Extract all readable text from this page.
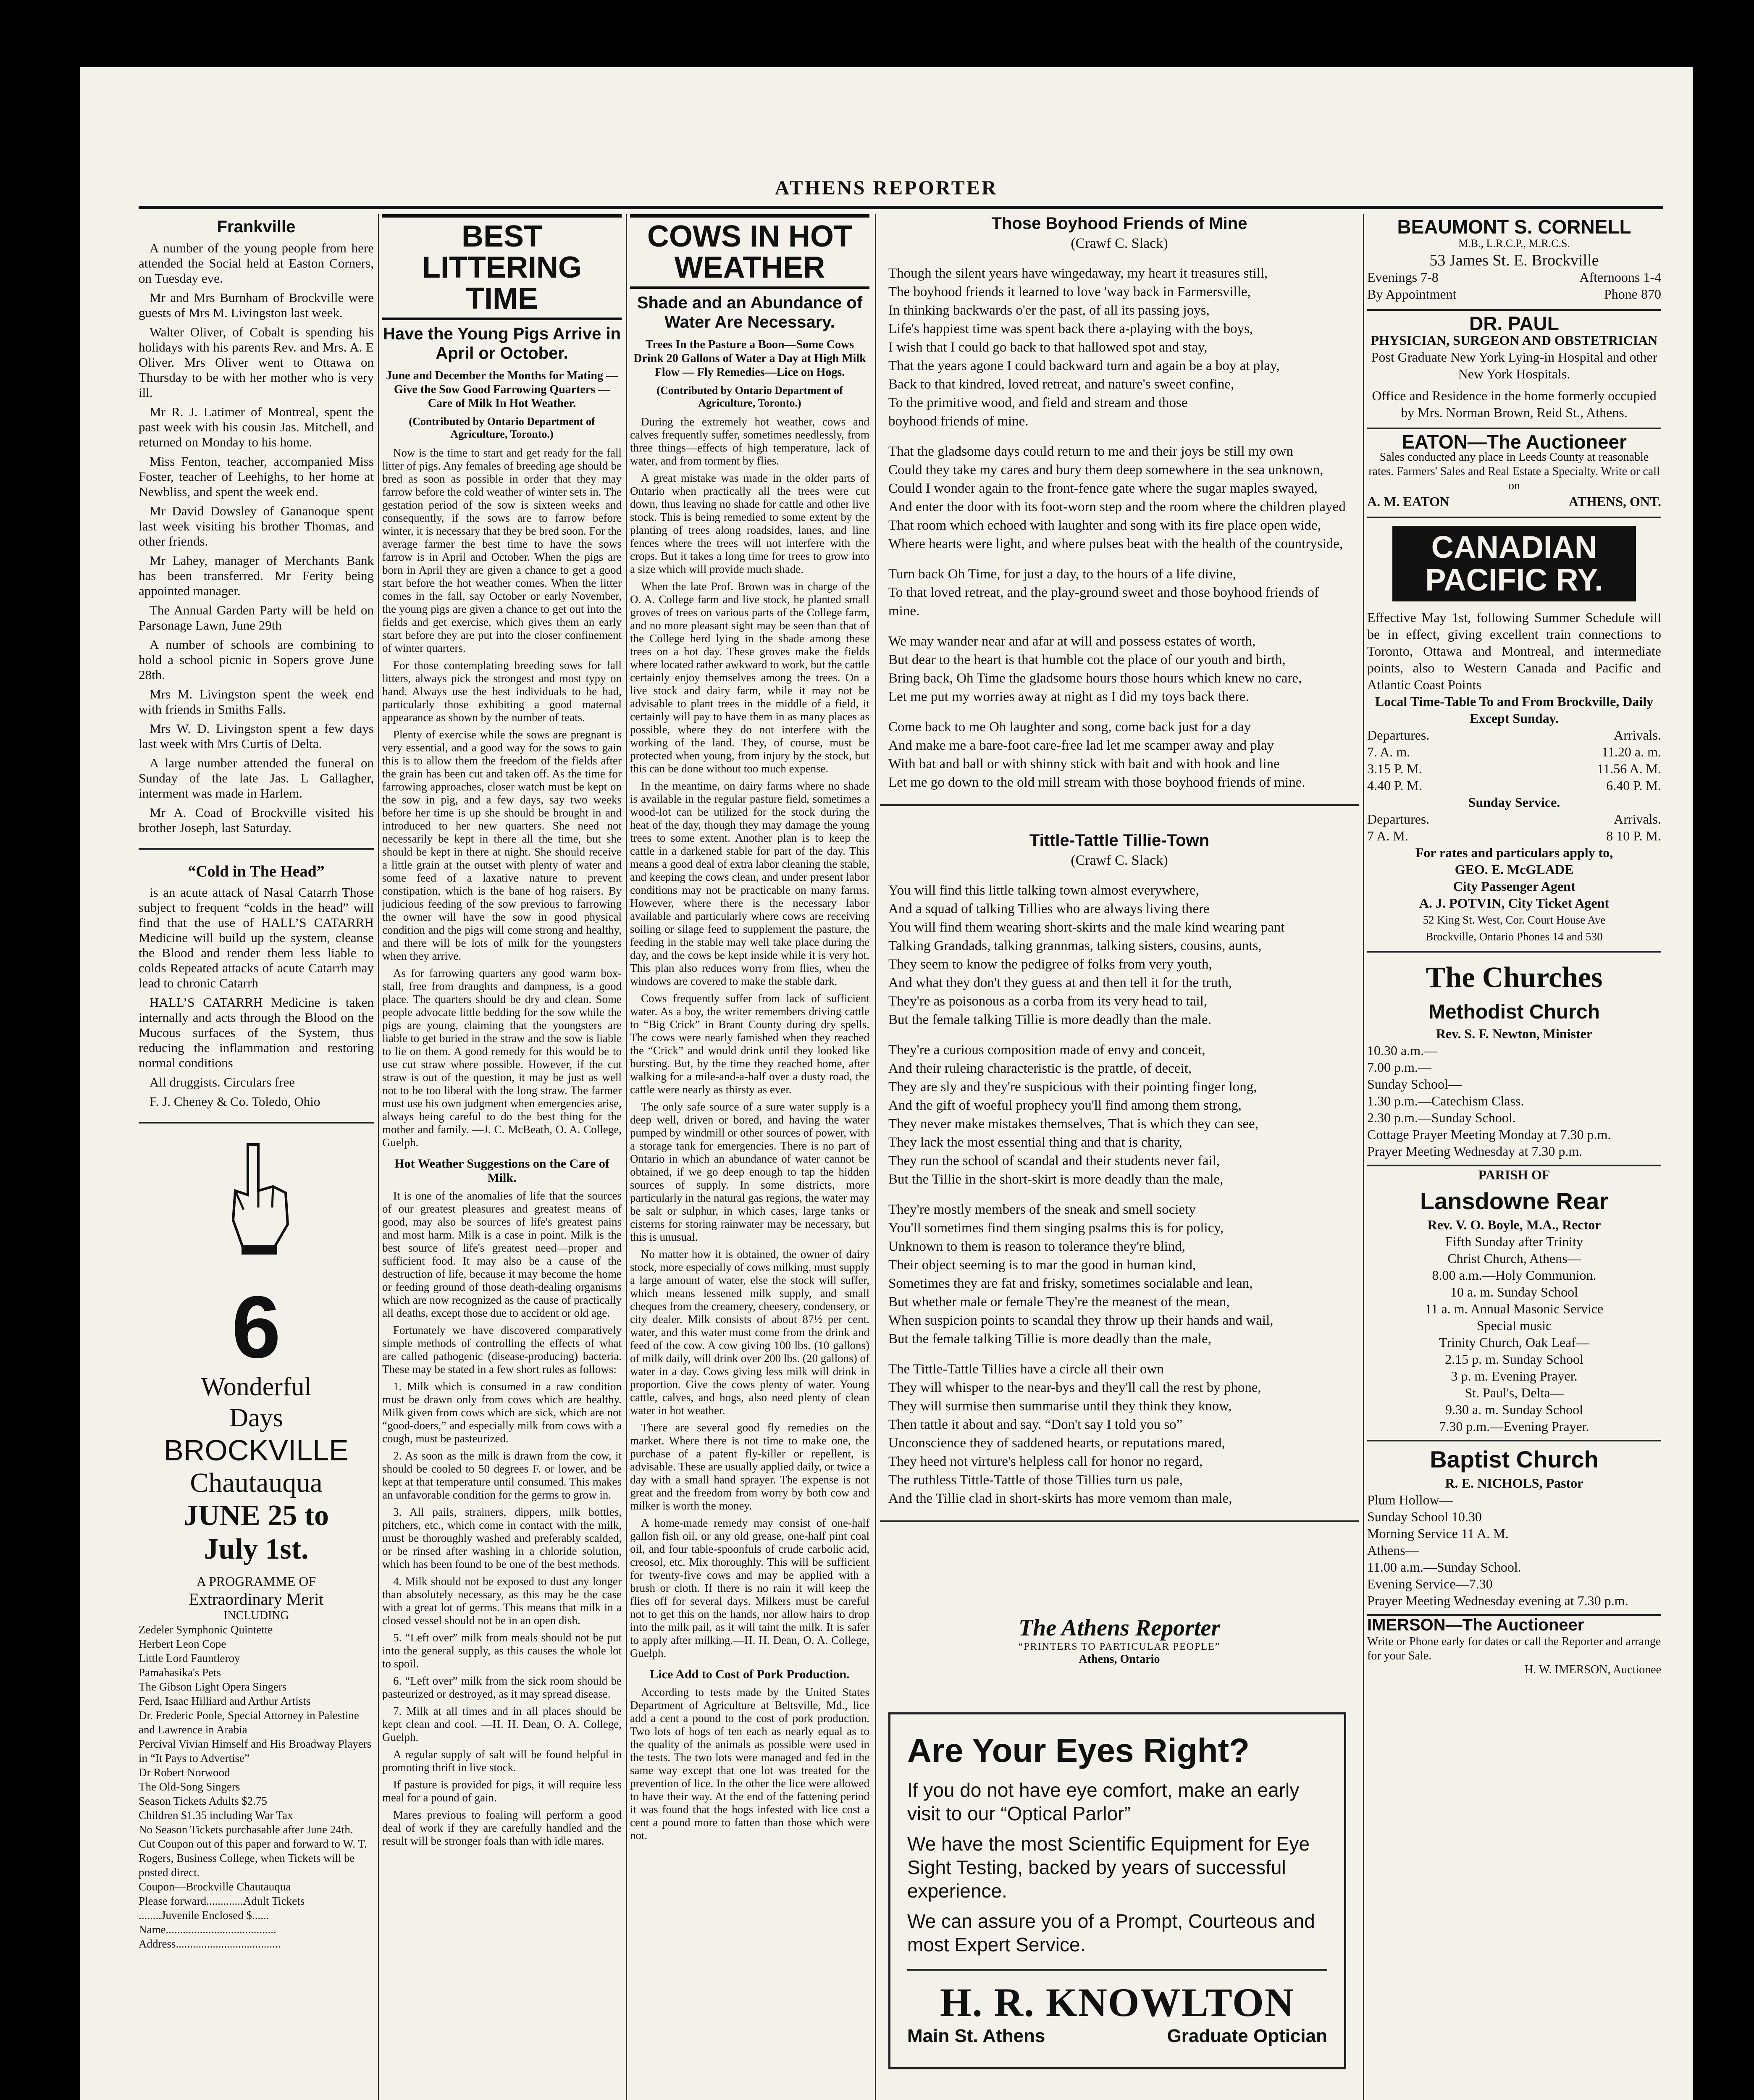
ATHENS REPORTER
Frankville

A number of the young people from here attended the Social held at Easton Corners, on Tuesday eve.

Mr and Mrs Burnham of Brockville were guests of Mrs M. Livingston last week.

Walter Oliver, of Cobalt is spending his holidays with his parents Rev. and Mrs. A. E Oliver. Mrs Oliver went to Ottawa on Thursday to be with her mother who is very ill.

Mr R. J. Latimer of Montreal, spent the past week with his cousin Jas. Mitchell, and returned on Monday to his home.

Miss Fenton, teacher, accompanied Miss Foster, teacher of Leehighs, to her home at Newbliss, and spent the week end.

Mr David Dowsley of Gananoque spent last week visiting his brother Thomas, and other friends.

Mr Lahey, manager of Merchants Bank has been transferred. Mr Ferity being appointed manager.

The Annual Garden Party will be held on Parsonage Lawn, June 29th

A number of schools are combining to hold a school picnic in Sopers grove June 28th.

Mrs M. Livingston spent the week end with friends in Smiths Falls.

Mrs W. D. Livingston spent a few days last week with Mrs Curtis of Delta.

A large number attended the funeral on Sunday of the late Jas. L Gallagher, interment was made in Harlem.

Mr A. Coad of Brockville visited his brother Joseph, last Saturday.

“Cold in The Head”

is an acute attack of Nasal Catarrh Those subject to frequent “colds in the head” will find that the use of HALL’S CATARRH Medicine will build up the system, cleanse the Blood and render them less liable to colds Repeated attacks of acute Catarrh may lead to chronic Catarrh

HALL’S CATARRH Medicine is taken internally and acts through the Blood on the Mucous surfaces of the System, thus reducing the inflammation and restoring normal conditions

All druggists. Circulars free

F. J. Cheney & Co. Toledo, Ohio

6
Wonderful
Days
BROCKVILLE
Chautauqua
JUNE 25 to
July 1st.
A PROGRAMME OF
Extraordinary Merit
INCLUDING
Zedeler Symphonic Quintette
Herbert Leon Cope
Little Lord Fauntleroy
Pamahasika's Pets
The Gibson Light Opera Singers
Ferd, Isaac Hilliard and Arthur Artists
Dr. Frederic Poole, Special Attorney in Palestine and Lawrence in Arabia
Percival Vivian Himself and His Broadway Players in “It Pays to Advertise”
Dr Robert Norwood
The Old-Song Singers
Season Tickets Adults $2.75
Children $1.35 including War Tax
No Season Tickets purchasable after June 24th.
Cut Coupon out of this paper and forward to W. T. Rogers, Business College, when Tickets will be posted direct.
Coupon—Brockville Chautauqua
Please forward.............Adult Tickets
........Juvenile Enclosed $......
Name.......................................
Address.....................................
BEST LITTERING TIME
Have the Young Pigs Arrive in April or October.
June and December the Months for Mating — Give the Sow Good Farrowing Quarters — Care of Milk In Hot Weather.
(Contributed by Ontario Department of Agriculture, Toronto.)

Now is the time to start and get ready for the fall litter of pigs. Any females of breeding age should be bred as soon as possible in order that they may farrow before the cold weather of winter sets in. The gestation period of the sow is sixteen weeks and consequently, if the sows are to farrow before winter, it is necessary that they be bred soon. For the average farmer the best time to have the sows farrow is in April and October. When the pigs are born in April they are given a chance to get a good start before the hot weather comes. When the litter comes in the fall, say October or early November, the young pigs are given a chance to get out into the fields and get exercise, which gives them an early start before they are put into the closer confinement of winter quarters.

For those contemplating breeding sows for fall litters, always pick the strongest and most typy on hand. Always use the best individuals to be had, particularly those exhibiting a good maternal appearance as shown by the number of teats.

Plenty of exercise while the sows are pregnant is very essential, and a good way for the sows to gain this is to allow them the freedom of the fields after the grain has been cut and taken off. As the time for farrowing approaches, closer watch must be kept on the sow in pig, and a few days, say two weeks before her time is up she should be brought in and introduced to her new quarters. She need not necessarily be kept in there all the time, but she should be kept in there at night. She should receive a little grain at the outset with plenty of water and some feed of a laxative nature to prevent constipation, which is the bane of hog raisers. By judicious feeding of the sow previous to farrowing the owner will have the sow in good physical condition and the pigs will come strong and healthy, and there will be lots of milk for the youngsters when they arrive.

As for farrowing quarters any good warm box-stall, free from draughts and dampness, is a good place. The quarters should be dry and clean. Some people advocate little bedding for the sow while the pigs are young, claiming that the youngsters are liable to get buried in the straw and the sow is liable to lie on them. A good remedy for this would be to use cut straw where possible. However, if the cut straw is out of the question, it may be just as well not to be too liberal with the long straw. The farmer must use his own judgment when emergencies arise, always being careful to do the best thing for the mother and family. —J. C. McBeath, O. A. College, Guelph.

Hot Weather Suggestions on the Care of Milk.

It is one of the anomalies of life that the sources of our greatest pleasures and greatest means of good, may also be sources of life's greatest pains and most harm. Milk is a case in point. Milk is the best source of life's greatest need—proper and sufficient food. It may also be a cause of the destruction of life, because it may become the home or feeding ground of those death-dealing organisms which are now recognized as the cause of practically all deaths, except those due to accident or old age.

Fortunately we have discovered comparatively simple methods of controlling the effects of what are called pathogenic (disease-producing) bacteria. These may be stated in a few short rules as follows:

1. Milk which is consumed in a raw condition must be drawn only from cows which are healthy. Milk given from cows which are sick, which are not “good-doers,” and especially milk from cows with a cough, must be pasteurized.

2. As soon as the milk is drawn from the cow, it should be cooled to 50 degrees F. or lower, and be kept at that temperature until consumed. This makes an unfavorable condition for the germs to grow in.

3. All pails, strainers, dippers, milk bottles, pitchers, etc., which come in contact with the milk, must be thoroughly washed and preferably scalded, or be rinsed after washing in a chloride solution, which has been found to be one of the best methods.

4. Milk should not be exposed to dust any longer than absolutely necessary, as this may be the case with a great lot of germs. This means that milk in a closed vessel should not be in an open dish.

5. “Left over” milk from meals should not be put into the general supply, as this causes the whole lot to spoil.

6. “Left over” milk from the sick room should be pasteurized or destroyed, as it may spread disease.

7. Milk at all times and in all places should be kept clean and cool. —H. H. Dean, O. A. College, Guelph.

A regular supply of salt will be found helpful in promoting thrift in live stock.

If pasture is provided for pigs, it will require less meal for a pound of gain.

Mares previous to foaling will perform a good deal of work if they are carefully handled and the result will be stronger foals than with idle mares.

COWS IN HOT WEATHER
Shade and an Abundance of Water Are Necessary.
Trees In the Pasture a Boon—Some Cows Drink 20 Gallons of Water a Day at High Milk Flow — Fly Remedies—Lice on Hogs.
(Contributed by Ontario Department of Agriculture, Toronto.)

During the extremely hot weather, cows and calves frequently suffer, sometimes needlessly, from three things—effects of high temperature, lack of water, and from torment by flies.

A great mistake was made in the older parts of Ontario when practically all the trees were cut down, thus leaving no shade for cattle and other live stock. This is being remedied to some extent by the planting of trees along roadsides, lanes, and line fences where the trees will not interfere with the crops. But it takes a long time for trees to grow into a size which will provide much shade.

When the late Prof. Brown was in charge of the O. A. College farm and live stock, he planted small groves of trees on various parts of the College farm, and no more pleasant sight may be seen than that of the College herd lying in the shade among these trees on a hot day. These groves make the fields where located rather awkward to work, but the cattle certainly enjoy themselves among the trees. On a live stock and dairy farm, while it may not be advisable to plant trees in the middle of a field, it certainly will pay to have them in as many places as possible, where they do not interfere with the working of the land. They, of course, must be protected when young, from injury by the stock, but this can be done without too much expense.

In the meantime, on dairy farms where no shade is available in the regular pasture field, sometimes a wood-lot can be utilized for the stock during the heat of the day, though they may damage the young trees to some extent. Another plan is to keep the cattle in a darkened stable for part of the day. This means a good deal of extra labor cleaning the stable, and keeping the cows clean, and under present labor conditions may not be practicable on many farms. However, where there is the necessary labor available and particularly where cows are receiving soiling or silage feed to supplement the pasture, the feeding in the stable may well take place during the day, and the cows be kept inside while it is very hot. This plan also reduces worry from flies, when the windows are covered to make the stable dark.

Cows frequently suffer from lack of sufficient water. As a boy, the writer remembers driving cattle to “Big Crick” in Brant County during dry spells. The cows were nearly famished when they reached the “Crick” and would drink until they looked like bursting. But, by the time they reached home, after walking for a mile-and-a-half over a dusty road, the cattle were nearly as thirsty as ever.

The only safe source of a sure water supply is a deep well, driven or bored, and having the water pumped by windmill or other sources of power, with a storage tank for emergencies. There is no part of Ontario in which an abundance of water cannot be obtained, if we go deep enough to tap the hidden sources of supply. In some districts, more particularly in the natural gas regions, the water may be salt or sulphur, in which cases, large tanks or cisterns for storing rainwater may be necessary, but this is unusual.

No matter how it is obtained, the owner of dairy stock, more especially of cows milking, must supply a large amount of water, else the stock will suffer, which means lessened milk supply, and small cheques from the creamery, cheesery, condensery, or city dealer. Milk consists of about 87½ per cent. water, and this water must come from the drink and feed of the cow. A cow giving 100 lbs. (10 gallons) of milk daily, will drink over 200 lbs. (20 gallons) of water in a day. Cows giving less milk will drink in proportion. Give the cows plenty of water. Young cattle, calves, and hogs, also need plenty of clean water in hot weather.

There are several good fly remedies on the market. Where there is not time to make one, the purchase of a patent fly-killer or repellent, is advisable. These are usually applied daily, or twice a day with a small hand sprayer. The expense is not great and the freedom from worry by both cow and milker is worth the money.

A home-made remedy may consist of one-half gallon fish oil, or any old grease, one-half pint coal oil, and four table-spoonfuls of crude carbolic acid, creosol, etc. Mix thoroughly. This will be sufficient for twenty-five cows and may be applied with a brush or cloth. If there is no rain it will keep the flies off for several days. Milkers must be careful not to get this on the hands, nor allow hairs to drop into the milk pail, as it will taint the milk. It is safer to apply after milking.—H. H. Dean, O. A. College, Guelph.

Lice Add to Cost of Pork Production.

According to tests made by the United States Department of Agriculture at Beltsville, Md., lice add a cent a pound to the cost of pork production. Two lots of hogs of ten each as nearly equal as to the quality of the animals as possible were used in the tests. The two lots were managed and fed in the same way except that one lot was treated for the prevention of lice. In the other the lice were allowed to have their way. At the end of the fattening period it was found that the hogs infested with lice cost a cent a pound more to fatten than those which were not.

Those Boyhood Friends of Mine
(Crawf C. Slack)
Though the silent years have wingedaway, my heart it treasures still,
The boyhood friends it learned to love 'way back in Farmersville,
In thinking backwards o'er the past, of all its passing joys,
Life's happiest time was spent back there a-playing with the boys,
I wish that I could go back to that hallowed spot and stay,
That the years agone I could backward turn and again be a boy at play,
Back to that kindred, loved retreat, and nature's sweet confine,
To the primitive wood, and field and stream and those
boyhood friends of mine.
That the gladsome days could return to me and their joys be still my own
Could they take my cares and bury them deep somewhere in the sea unknown,
Could I wonder again to the front-fence gate where the sugar maples swayed,
And enter the door with its foot-worn step and the room where the children played
That room which echoed with laughter and song with its fire place open wide,
Where hearts were light, and where pulses beat with the health of the countryside,
Turn back Oh Time, for just a day, to the hours of a life divine,
To that loved retreat, and the play-ground sweet and those boyhood friends of mine.
We may wander near and afar at will and possess estates of worth,
But dear to the heart is that humble cot the place of our youth and birth,
Bring back, Oh Time the gladsome hours those hours which knew no care,
Let me put my worries away at night as I did my toys back there.
Come back to me Oh laughter and song, come back just for a day
And make me a bare-foot care-free lad let me scamper away and play
With bat and ball or with shinny stick with bait and with hook and line
Let me go down to the old mill stream with those boyhood friends of mine.
Tittle-Tattle Tillie-Town
(Crawf C. Slack)
You will find this little talking town almost everywhere,
And a squad of talking Tillies who are always living there
You will find them wearing short-skirts and the male kind wearing pant
Talking Grandads, talking grannmas, talking sisters, cousins, aunts,
They seem to know the pedigree of folks from very youth,
And what they don't they guess at and then tell it for the truth,
They're as poisonous as a corba from its very head to tail,
But the female talking Tillie is more deadly than the male.
They're a curious composition made of envy and conceit,
And their ruleing characteristic is the prattle, of deceit,
They are sly and they're suspicious with their pointing finger long,
And the gift of woeful prophecy you'll find among them strong,
They never make mistakes themselves, That is which they can see,
They lack the most essential thing and that is charity,
They run the school of scandal and their students never fail,
But the Tillie in the short-skirt is more deadly than the male,
They're mostly members of the sneak and smell society
You'll sometimes find them singing psalms this is for policy,
Unknown to them is reason to tolerance they're blind,
Their object seeming is to mar the good in human kind,
Sometimes they are fat and frisky, sometimes socialable and lean,
But whether male or female They're the meanest of the mean,
When suspicion points to scandal they throw up their hands and wail,
But the female talking Tillie is more deadly than the male,
The Tittle-Tattle Tillies have a circle all their own
They will whisper to the near-bys and they'll call the rest by phone,
They will surmise then summarise until they think they know,
Then tattle it about and say. “Don't say I told you so”
Unconscience they of saddened hearts, or reputations mared,
They heed not virture's helpless call for honor no regard,
The ruthless Tittle-Tattle of those Tillies turn us pale,
And the Tillie clad in short-skirts has more vemom than male,
The Athens Reporter
“PRINTERS TO PARTICULAR PEOPLE”
Athens, Ontario
Are Your Eyes Right?
If you do not have eye comfort, make an early visit to our “Optical Parlor”
We have the most Scientific Equipment for Eye Sight Testing, backed by years of successful experience.
We can assure you of a Prompt, Courteous and most Expert Service.
H. R. KNOWLTON
Main St. Athens	Graduate Optician
BEAUMONT S. CORNELL
M.B., L.R.C.P., M.R.C.S.
53 James St. E. Brockville
Evenings 7-8	Afternoons 1-4
By Appointment	Phone 870
DR. PAUL
PHYSICIAN, SURGEON AND OBSTETRICIAN
Post Graduate New York Lying-in Hospital and other New York Hospitals.
Office and Residence in the home formerly occupied by Mrs. Norman Brown, Reid St., Athens.
EATON—The Auctioneer
Sales conducted any place in Leeds County at reasonable rates. Farmers' Sales and Real Estate a Specialty. Write or call on
A. M. EATON	ATHENS, ONT.
CANADIAN
PACIFIC RY.
Effective May 1st, following Summer Schedule will be in effect, giving excellent train connections to Toronto, Ottawa and Montreal, and intermediate points, also to Western Canada and Pacific and Atlantic Coast Points
Local Time-Table To and From Brockville, Daily Except Sunday.
Departures.	Arrivals.
7. A. m.	11.20 a. m.
3.15 P. M.	11.56 A. M.
4.40 P. M.	6.40 P. M.
Sunday Service.
Departures.	Arrivals.
7 A. M.	8 10 P. M.
For rates and particulars apply to,
GEO. E. McGLADE
City Passenger Agent
A. J. POTVIN, City Ticket Agent
52 King St. West, Cor. Court House Ave
Brockville, Ontario Phones 14 and 530
The Churches
Methodist Church
Rev. S. F. Newton, Minister
10.30 a.m.—
7.00 p.m.—
Sunday School—
1.30 p.m.—Catechism Class.
2.30 p.m.—Sunday School.
Cottage Prayer Meeting Monday at 7.30 p.m.
Prayer Meeting Wednesday at 7.30 p.m.
PARISH OF
Lansdowne Rear
Rev. V. O. Boyle, M.A., Rector
Fifth Sunday after Trinity
Christ Church, Athens—
8.00 a.m.—Holy Communion.
10 a. m. Sunday School
11 a. m. Annual Masonic Service
Special music
Trinity Church, Oak Leaf—
2.15 p. m. Sunday School
3 p. m. Evening Prayer.
St. Paul's, Delta—
9.30 a. m. Sunday School
7.30 p.m.—Evening Prayer.
Baptist Church
R. E. NICHOLS, Pastor
Plum Hollow—
Sunday School 10.30
Morning Service 11 A. M.
Athens—
11.00 a.m.—Sunday School.
Evening Service—7.30
Prayer Meeting Wednesday evening at 7.30 p.m.
IMERSON—The Auctioneer
Write or Phone early for dates or call the Reporter and arrange for your Sale.
H. W. IMERSON, Auctionee
